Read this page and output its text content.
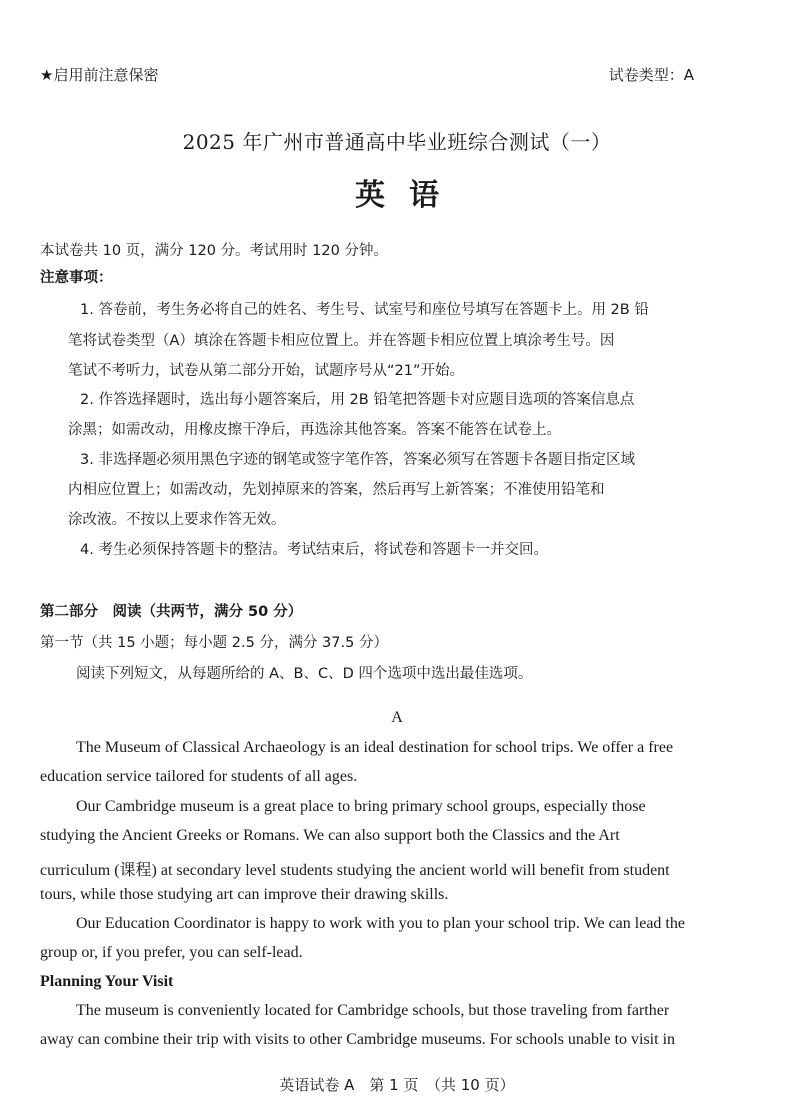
★启用前注意保密	试卷类型：A
2025 年广州市普通高中毕业班综合测试（一）
英语
本试卷共 10 页，满分 120 分。考试用时 120 分钟。
注意事项：
1. 答卷前，考生务必将自己的姓名、考生号、试室号和座位号填写在答题卡上。用 2B 铅
笔将试卷类型（A）填涂在答题卡相应位置上。并在答题卡相应位置上填涂考生号。因
笔试不考听力，试卷从第二部分开始，试题序号从“21”开始。
2. 作答选择题时，选出每小题答案后，用 2B 铅笔把答题卡对应题目选项的答案信息点
涂黑；如需改动，用橡皮擦干净后，再选涂其他答案。答案不能答在试卷上。
3. 非选择题必须用黑色字迹的钢笔或签字笔作答，答案必须写在答题卡各题目指定区域
内相应位置上；如需改动，先划掉原来的答案，然后再写上新答案；不准使用铅笔和
涂改液。不按以上要求作答无效。
4. 考生必须保持答题卡的整洁。考试结束后，将试卷和答题卡一并交回。
第二部分　阅读（共两节，满分 50 分）
第一节（共 15 小题；每小题 2.5 分，满分 37.5 分）
阅读下列短文，从每题所给的 A、B、C、D 四个选项中选出最佳选项。
A
The Museum of Classical Archaeology is an ideal destination for school trips. We offer a free
education service tailored for students of all ages.
Our Cambridge museum is a great place to bring primary school groups, especially those
studying the Ancient Greeks or Romans. We can also support both the Classics and the Art
curriculum (课程) at secondary level students studying the ancient world will benefit from student
tours, while those studying art can improve their drawing skills.
Our Education Coordinator is happy to work with you to plan your school trip. We can lead the
group or, if you prefer, you can self-lead.
Planning Your Visit
The museum is conveniently located for Cambridge schools, but those traveling from farther
away can combine their trip with visits to other Cambridge museums. For schools unable to visit in
英语试卷 A　第 1 页　（共 10 页）
